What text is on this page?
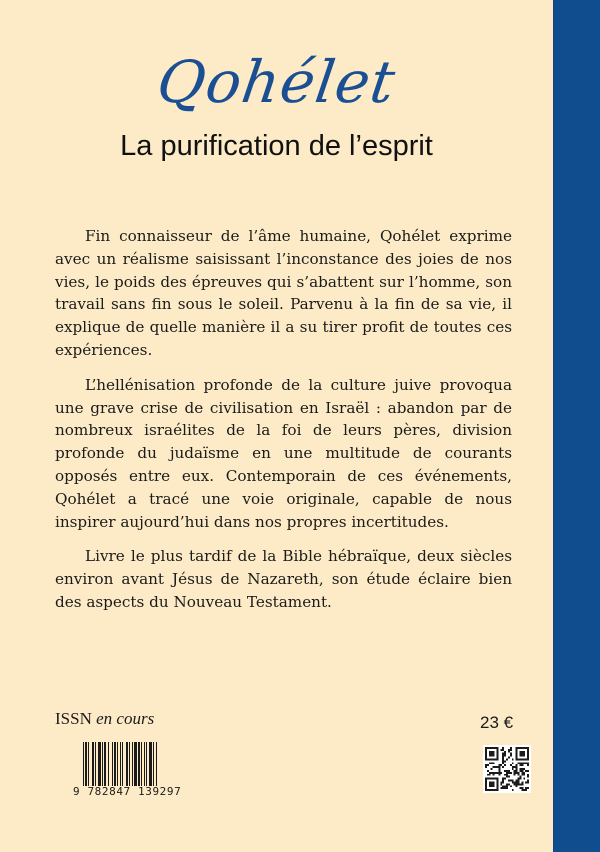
Qohélet
La purification de l’esprit

Fin connaisseur de l’âme humaine, Qohélet exprime avec un réalisme saisissant l’inconstance des joies de nos vies, le poids des épreuves qui s’abattent sur l’homme, son travail sans fin sous le soleil. Parvenu à la fin de sa vie, il explique de quelle manière il a su tirer profit de toutes ces expériences.

L’hellénisation profonde de la culture juive provoqua une grave crise de civilisation en Israël : abandon par de nombreux israélites de la foi de leurs pères, division profonde du judaïsme en une multitude de courants opposés entre eux. Contemporain de ces événements, Qohélet a tracé une voie originale, capable de nous inspirer aujourd’hui dans nos propres incertitudes.

Livre le plus tardif de la Bible hébraïque, deux siècles environ avant Jésus de Nazareth, son étude éclaire bien des aspects du Nouveau Testament.

ISSN en cours	23 €
9 782847 139297
